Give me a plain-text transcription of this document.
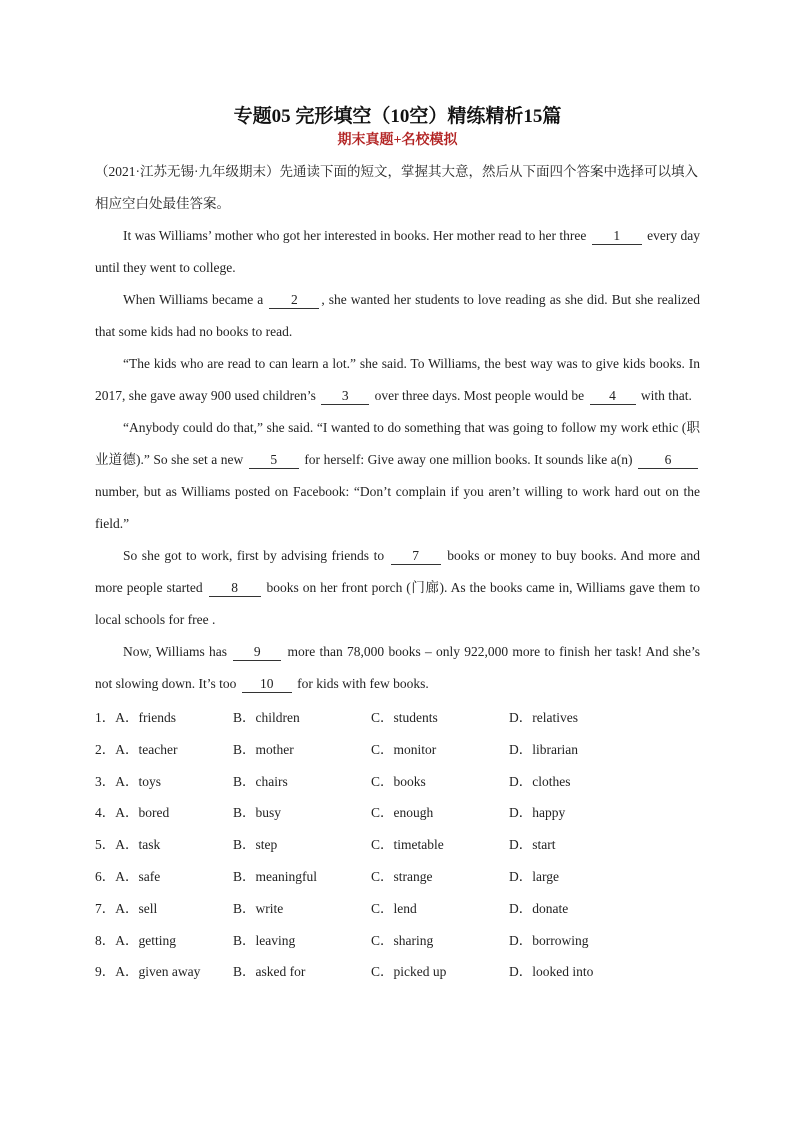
专题05 完形填空（10空）精练精析15篇
期末真题+名校模拟
（2021·江苏无锡·九年级期末）先通读下面的短文，掌握其大意，然后从下面四个答案中选择可以填入相应空白处最佳答案。

It was Williams’ mother who got her interested in books. Her mother read to her three 1 every day until they went to college.

When Williams became a 2 , she wanted her students to love reading as she did. But she realized that some kids had no books to read.

“The kids who are read to can learn a lot.” she said. To Williams, the best way was to give kids books. In 2017, she gave away 900 used children’s 3 over three days. Most people would be 4 with that.

“Anybody could do that,” she said. “I wanted to do something that was going to follow my work ethic (职业道德).” So she set a new 5 for herself: Give away one million books. It sounds like a(n) 6 number, but as Williams posted on Facebook: “Don’t complain if you aren’t willing to work hard out on the field.”

So she got to work, first by advising friends to 7 books or money to buy books. And more and more people started 8 books on her front porch (门廊). As the books came in, Williams gave them to local schools for free .

Now, Williams has 9 more than 78,000 books – only 922,000 more to finish her task! And she’s not slowing down. It’s too 10 for kids with few books.

1．A．friends	B．children	C．students	D．relatives
2．A．teacher	B．mother	C．monitor	D．librarian
3．A．toys	B．chairs	C．books	D．clothes
4．A．bored	B．busy	C．enough	D．happy
5．A．task	B．step	C．timetable	D．start
6．A．safe	B．meaningful	C．strange	D．large
7．A．sell	B．write	C．lend	D．donate
8．A．getting	B．leaving	C．sharing	D．borrowing
9．A．given away	B．asked for	C．picked up	D．looked into
